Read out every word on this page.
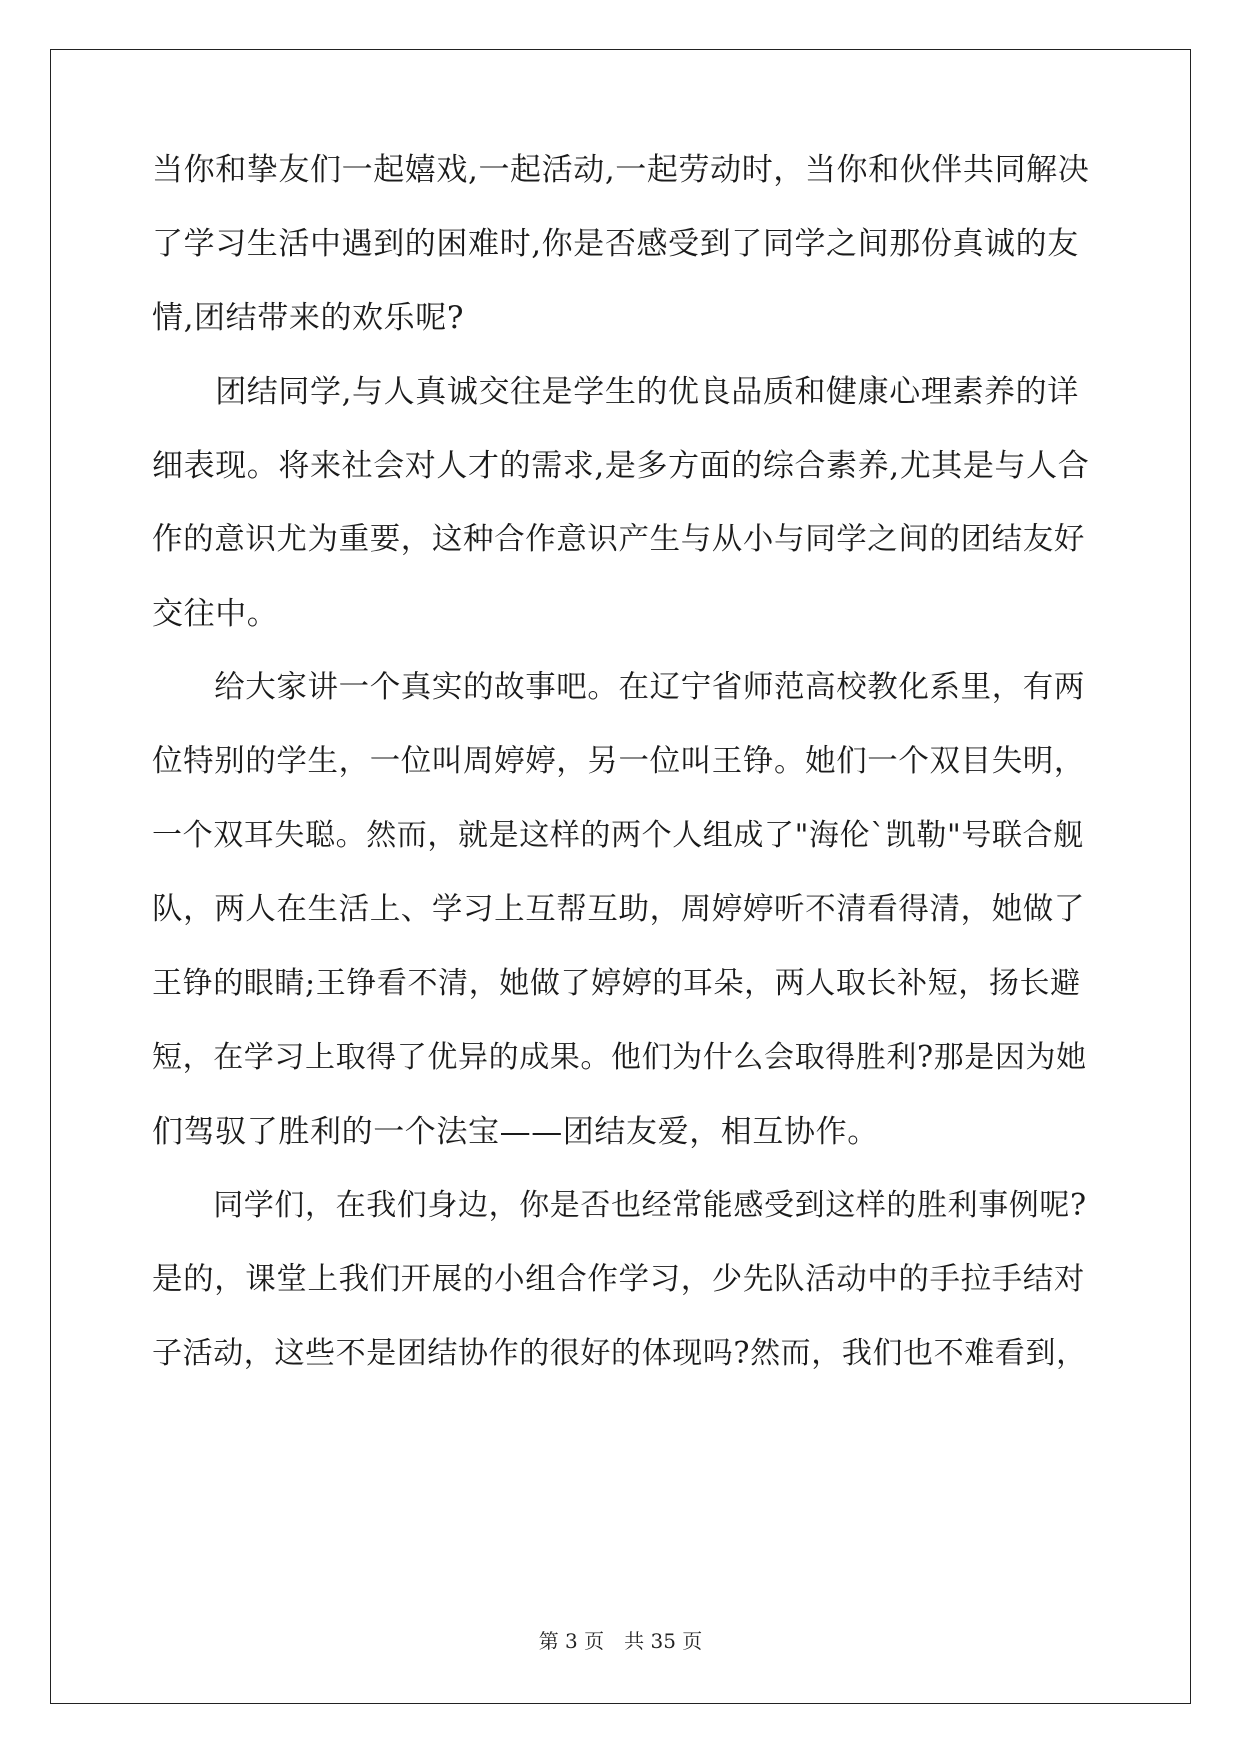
当你和挚友们一起嬉戏,一起活动,一起劳动时，当你和伙伴共同解决
了学习生活中遇到的困难时,你是否感受到了同学之间那份真诚的友
情,团结带来的欢乐呢?
　　团结同学,与人真诚交往是学生的优良品质和健康心理素养的详
细表现。将来社会对人才的需求,是多方面的综合素养,尤其是与人合
作的意识尤为重要，这种合作意识产生与从小与同学之间的团结友好
交往中。
　　给大家讲一个真实的故事吧。在辽宁省师范高校教化系里，有两
位特别的学生，一位叫周婷婷，另一位叫王铮。她们一个双目失明，
一个双耳失聪。然而，就是这样的两个人组成了"海伦`凯勒"号联合舰
队，两人在生活上、学习上互帮互助，周婷婷听不清看得清，她做了
王铮的眼睛;王铮看不清，她做了婷婷的耳朵，两人取长补短，扬长避
短，在学习上取得了优异的成果。他们为什么会取得胜利?那是因为她
们驾驭了胜利的一个法宝——团结友爱，相互协作。
　　同学们，在我们身边，你是否也经常能感受到这样的胜利事例呢?
是的，课堂上我们开展的小组合作学习，少先队活动中的手拉手结对
子活动，这些不是团结协作的很好的体现吗?然而，我们也不难看到，
第 3 页　共 35 页
